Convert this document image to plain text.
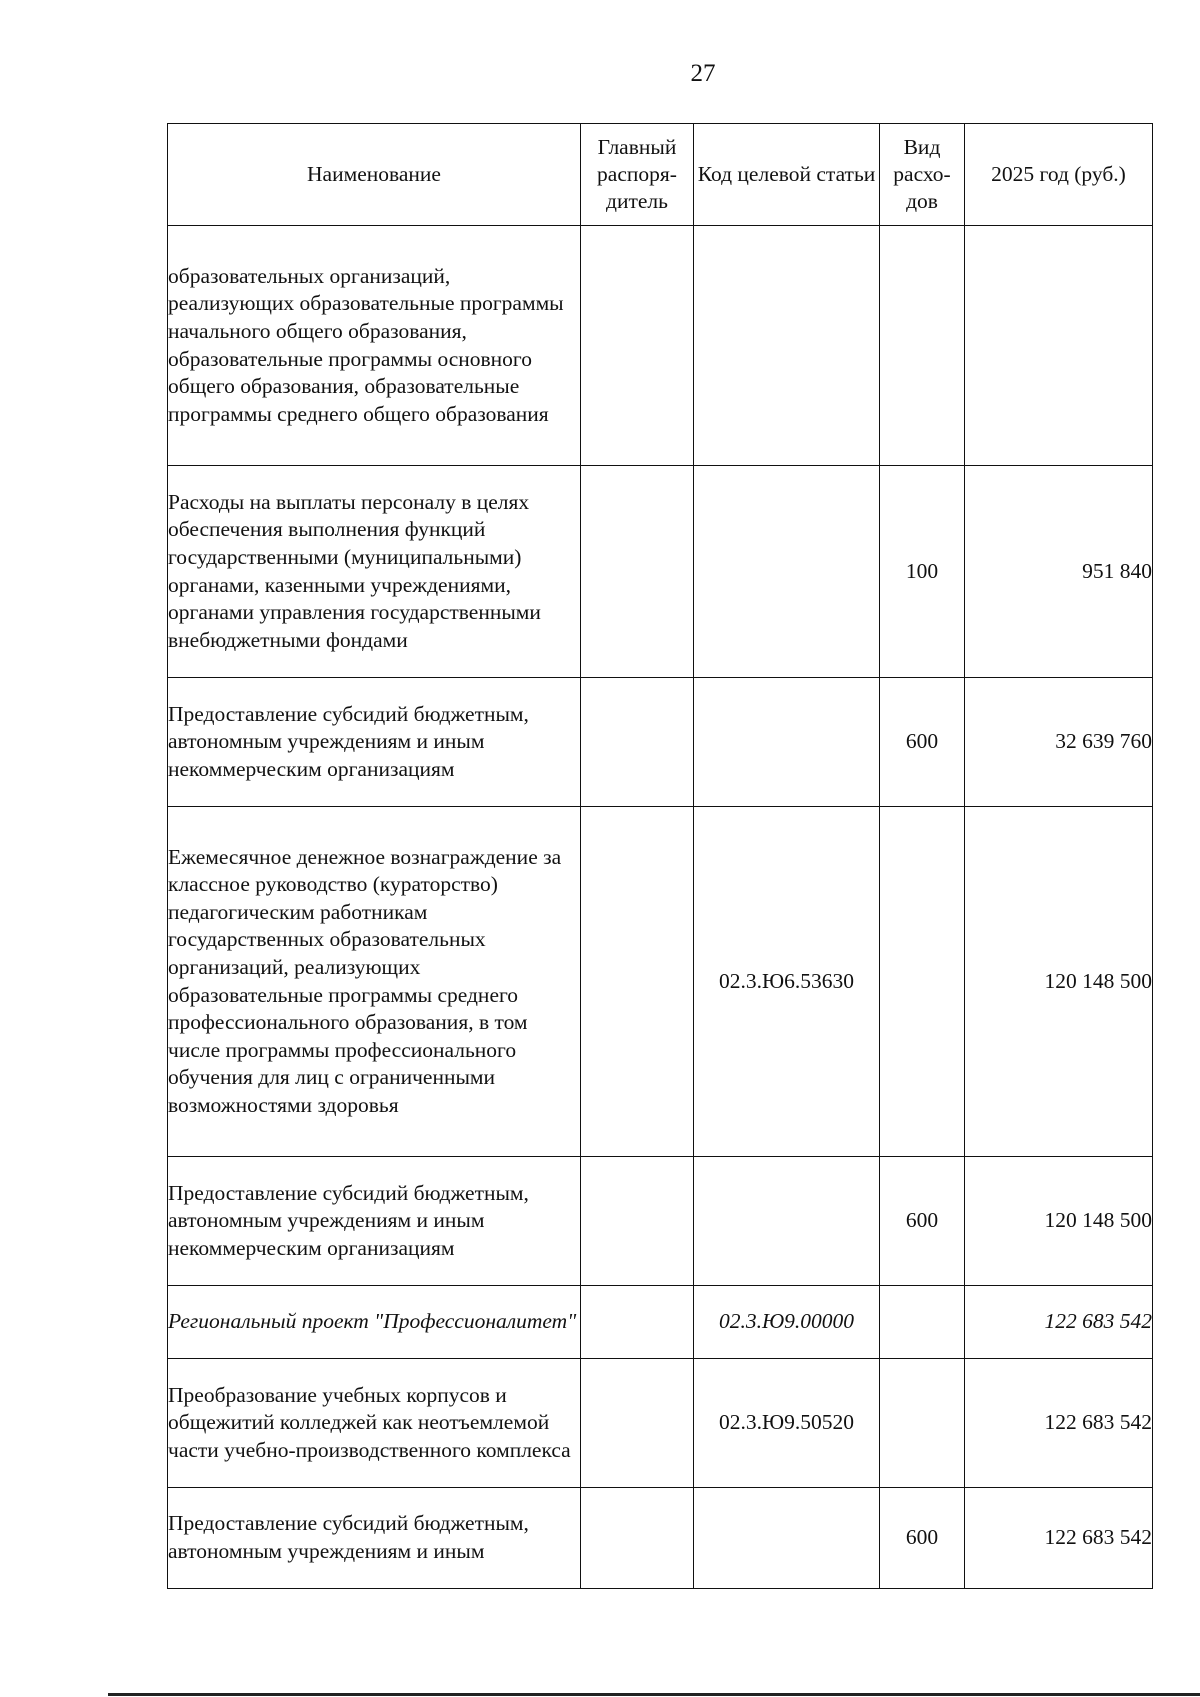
27
Наименование	Главный распоря-дитель	Код целевой статьи	Вид расхо-дов	2025 год (руб.)
образовательных организаций, реализующих образовательные программы начального общего образования, образовательные программы основного общего образования, образовательные программы среднего общего образования				
Расходы на выплаты персоналу в целях обеспечения выполнения функций государственными (муниципальными) органами, казенными учреждениями, органами управления государственными внебюджетными фондами			100	951 840
Предоставление субсидий бюджетным, автономным учреждениям и иным некоммерческим организациям			600	32 639 760
Ежемесячное денежное вознаграждение за классное руководство (кураторство) педагогическим работникам государственных образовательных организаций, реализующих образовательные программы среднего профессионального образования, в том числе программы профессионального обучения для лиц с ограниченными возможностями здоровья		02.3.Ю6.53630		120 148 500
Предоставление субсидий бюджетным, автономным учреждениям и иным некоммерческим организациям			600	120 148 500
Региональный проект "Профессионалитет"		02.3.Ю9.00000		122 683 542
Преобразование учебных корпусов и общежитий колледжей как неотъемлемой части учебно-производственного комплекса		02.3.Ю9.50520		122 683 542
Предоставление субсидий бюджетным, автономным учреждениям и иным			600	122 683 542
